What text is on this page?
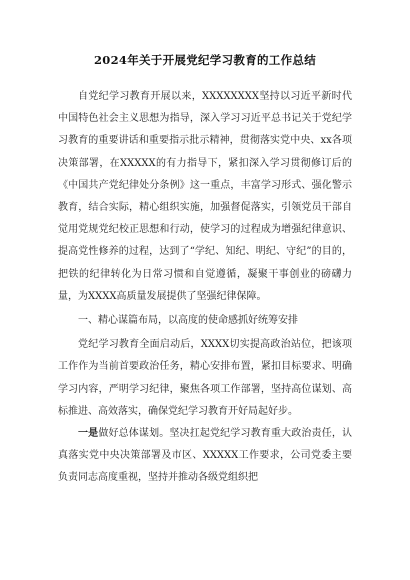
2024年关于开展党纪学习教育的工作总结

自党纪学习教育开展以来，XXXXXXXX坚持以习近平新时代中国特色社会主义思想为指导，深入学习习近平总书记关于党纪学习教育的重要讲话和重要指示批示精神，贯彻落实党中央、xx各项决策部署，在XXXXX的有力指导下，紧扣深入学习贯彻修订后的《中国共产党纪律处分条例》这一重点，丰富学习形式、强化警示教育，结合实际，精心组织实施，加强督促落实，引领党员干部自觉用党规党纪校正思想和行动，使学习的过程成为增强纪律意识、提高党性修养的过程，达到了“学纪、知纪、明纪、守纪”的目的，把铁的纪律转化为日常习惯和自觉遵循，凝聚干事创业的磅礴力量，为XXXX高质量发展提供了坚强纪律保障。

一、精心谋篇布局，以高度的使命感抓好统筹安排

党纪学习教育全面启动后，XXXX切实提高政治站位，把该项工作作为当前首要政治任务，精心安排布置，紧扣目标要求、明确学习内容，严明学习纪律，聚焦各项工作部署，坚持高位谋划、高标推进、高效落实，确保党纪学习教育开好局起好步。

一是做好总体谋划。坚决扛起党纪学习教育重大政治责任，认真落实党中央决策部署及市区、XXXXX工作要求，公司党委主要负责同志高度重视，坚持并推动各级党组织把
